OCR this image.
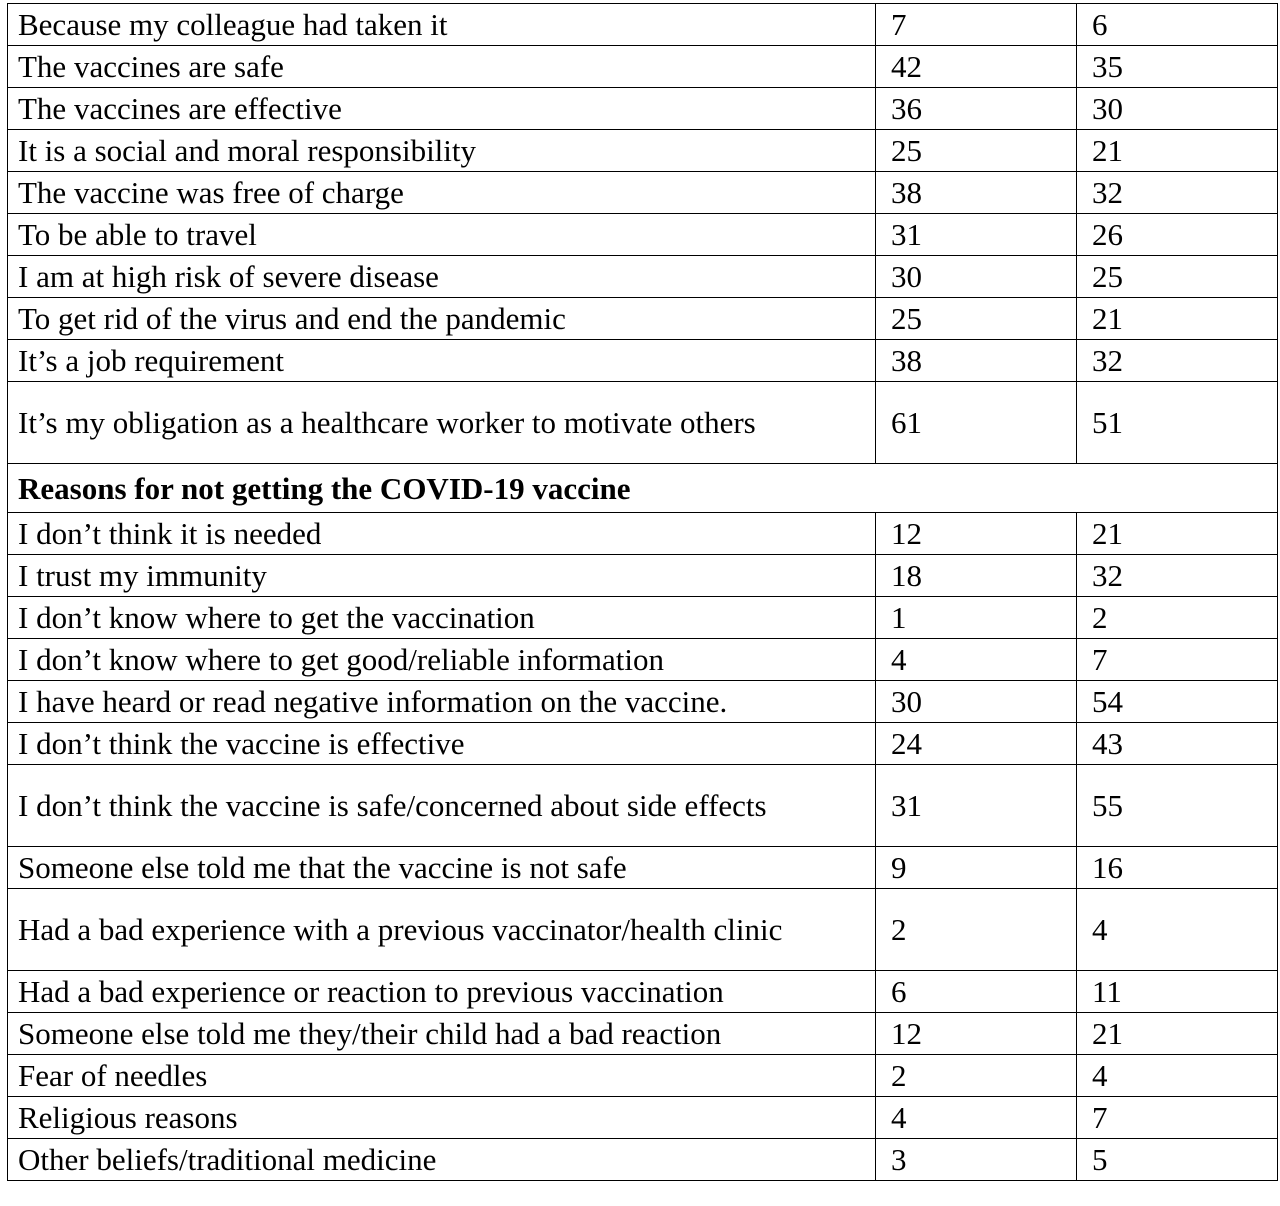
Because my colleague had taken it	7	6
The vaccines are safe	42	35
The vaccines are effective	36	30
It is a social and moral responsibility	25	21
The vaccine was free of charge	38	32
To be able to travel	31	26
I am at high risk of severe disease	30	25
To get rid of the virus and end the pandemic	25	21
It’s a job requirement	38	32
It’s my obligation as a healthcare worker to motivate others	61	51
Reasons for not getting the COVID-19 vaccine		
I don’t think it is needed	12	21
I trust my immunity	18	32
I don’t know where to get the vaccination	1	2
I don’t know where to get good/reliable information	4	7
I have heard or read negative information on the vaccine.	30	54
I don’t think the vaccine is effective	24	43
I don’t think the vaccine is safe/concerned about side effects	31	55
Someone else told me that the vaccine is not safe	9	16
Had a bad experience with a previous vaccinator/health clinic	2	4
Had a bad experience or reaction to previous vaccination	6	11
Someone else told me they/their child had a bad reaction	12	21
Fear of needles	2	4
Religious reasons	4	7
Other beliefs/traditional medicine	3	5
